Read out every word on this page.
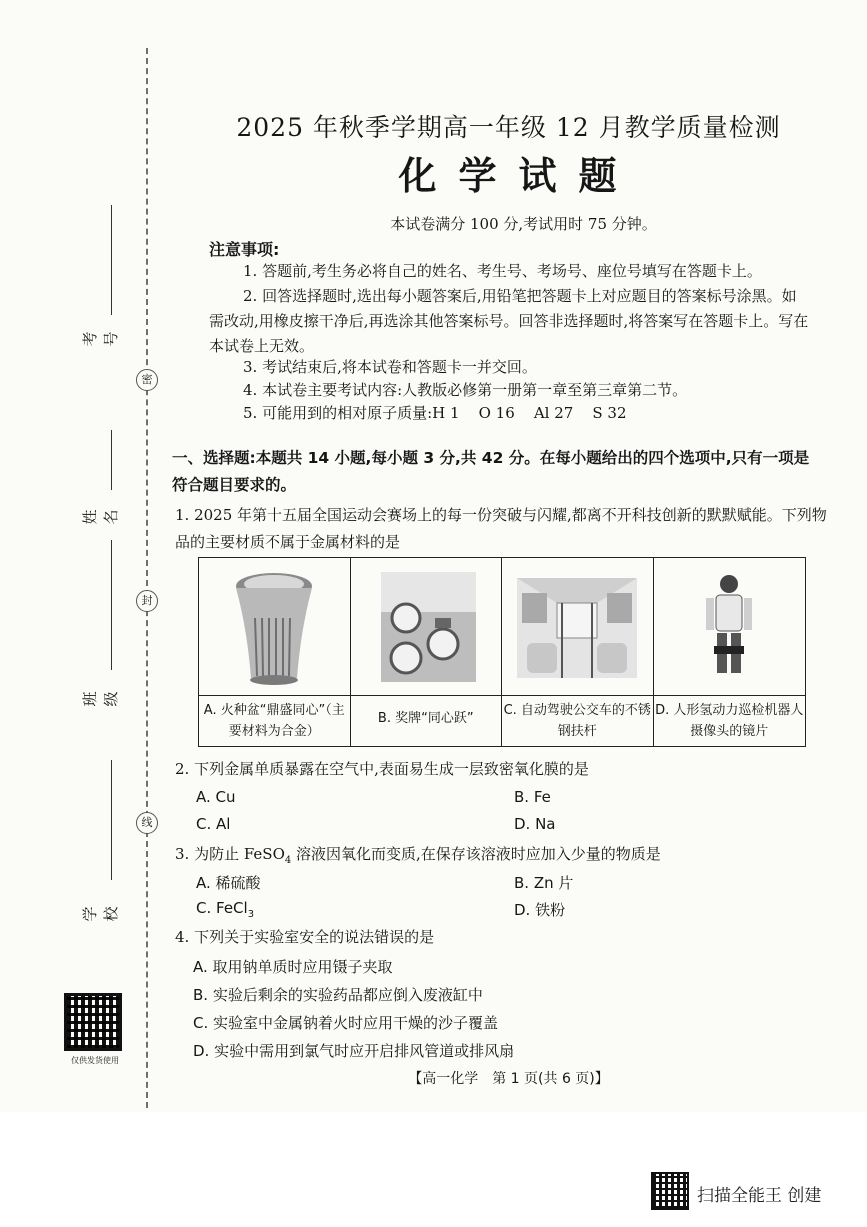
密
封
线
考号
姓名
班级
学校
仅供发货使用
2025 年秋季学期高一年级 12 月教学质量检测
化学试题
本试卷满分 100 分,考试用时 75 分钟。
注意事项:
1. 答题前,考生务必将自己的姓名、考生号、考场号、座位号填写在答题卡上。
2. 回答选择题时,选出每小题答案后,用铅笔把答题卡上对应题目的答案标号涂黑。如需改动,用橡皮擦干净后,再选涂其他答案标号。回答非选择题时,将答案写在答题卡上。写在本试卷上无效。
3. 考试结束后,将本试卷和答题卡一并交回。
4. 本试卷主要考试内容:人教版必修第一册第一章至第三章第二节。
5. 可能用到的相对原子质量:H 1    O 16    Al 27    S 32
一、选择题:本题共 14 小题,每小题 3 分,共 42 分。在每小题给出的四个选项中,只有一项是符合题目要求的。
1. 2025 年第十五届全国运动会赛场上的每一份突破与闪耀,都离不开科技创新的默默赋能。下列物品的主要材质不属于金属材料的是
A. 火种盆“鼎盛同心”（主要材料为合金）
B. 奖牌“同心跃”
C. 自动驾驶公交车的不锈钢扶杆
D. 人形氢动力巡检机器人摄像头的镜片
2. 下列金属单质暴露在空气中,表面易生成一层致密氧化膜的是
A. Cu	B. Fe
C. Al	D. Na
3. 为防止 FeSO$_4$ 溶液因氧化而变质,在保存该溶液时应加入少量的物质是
A. 稀硫酸	B. Zn 片
C. FeCl$_3$	D. 铁粉
4. 下列关于实验室安全的说法错误的是
A. 取用钠单质时应用镊子夹取
B. 实验后剩余的实验药品都应倒入废液缸中
C. 实验室中金属钠着火时应用干燥的沙子覆盖
D. 实验中需用到氯气时应开启排风管道或排风扇
【高一化学　第 1 页(共 6 页)】
扫描全能王 创建
